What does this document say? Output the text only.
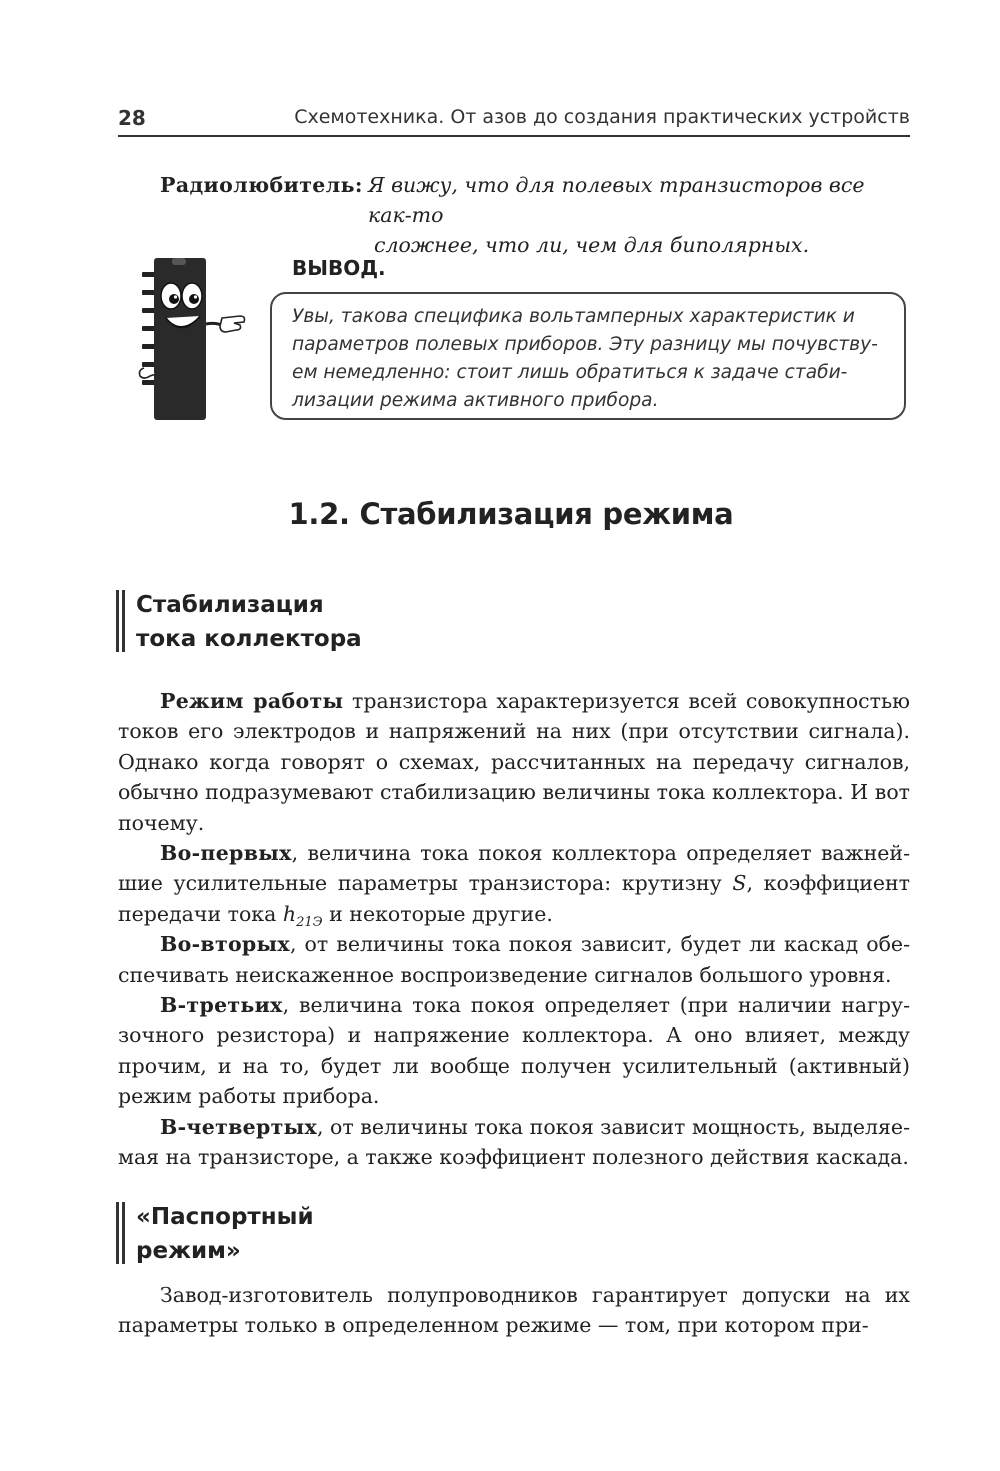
28	Схемотехника. От азов до создания практических устройств
Радиолюбитель: Я вижу, что для полевых транзисторов все как-то
сложнее, что ли, чем для биполярных.
ВЫВОД.
Увы, такова специфика вольтамперных характеристик и
параметров полевых приборов. Эту разницу мы почувству-
ем немедленно: стоит лишь обратиться к задаче стаби-
лизации режима активного прибора.
1.2. Стабилизация режима
Стабилизация
тока коллектора

Режим работы транзистора характеризуется всей совокупностью токов его электродов и напряжений на них (при отсутствии сигнала). Однако когда говорят о схемах, рассчитанных на передачу сигналов, обычно подразумевают стабилизацию величины тока коллектора. И вот почему.

Во-первых, величина тока покоя коллектора определяет важнейшие усилительные параметры транзистора: крутизну S, коэффициент передачи тока $h_{21Э}$ и некоторые другие.

Во-вторых, от величины тока покоя зависит, будет ли каскад обеспечивать неискаженное воспроизведение сигналов большого уровня.

В-третьих, величина тока покоя определяет (при наличии нагрузочного резистора) и напряжение коллектора. А оно влияет, между прочим, и на то, будет ли вообще получен усилительный (активный) режим работы прибора.

В-четвертых, от величины тока покоя зависит мощность, выделяемая на транзисторе, а также коэффициент полезного действия каскада.

«Паспортный
режим»

Завод-изготовитель полупроводников гарантирует допуски на их параметры только в определенном режиме — том, при котором при-
